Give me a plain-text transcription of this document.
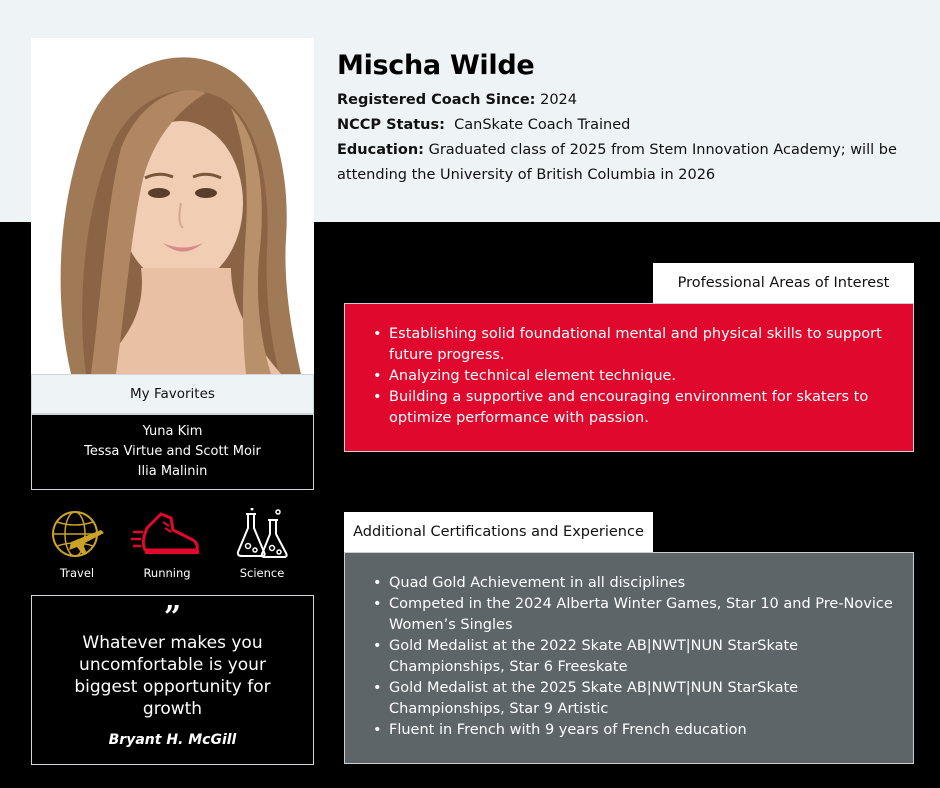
Mischa Wilde
Registered Coach Since: 2024
NCCP Status: CanSkate Coach Trained
Education: Graduated class of 2025 from Stem Innovation Academy; will be attending the University of British Columbia in 2026
My Favorites
Yuna Kim
Tessa Virtue and Scott Moir
Ilia Malinin
Travel	Running	Science
”
Whatever makes you uncomfortable is your biggest opportunity for growth
Bryant H. McGill
Professional Areas of Interest
• Establishing solid foundational mental and physical skills to support future progress.
• Analyzing technical element technique.
• Building a supportive and encouraging environment for skaters to optimize performance with passion.
Additional Certifications and Experience
• Quad Gold Achievement in all disciplines
• Competed in the 2024 Alberta Winter Games, Star 10 and Pre-Novice Women’s Singles
• Gold Medalist at the 2022 Skate AB|NWT|NUN StarSkate Championships, Star 6 Freeskate
• Gold Medalist at the 2025 Skate AB|NWT|NUN StarSkate Championships, Star 9 Artistic
• Fluent in French with 9 years of French education
